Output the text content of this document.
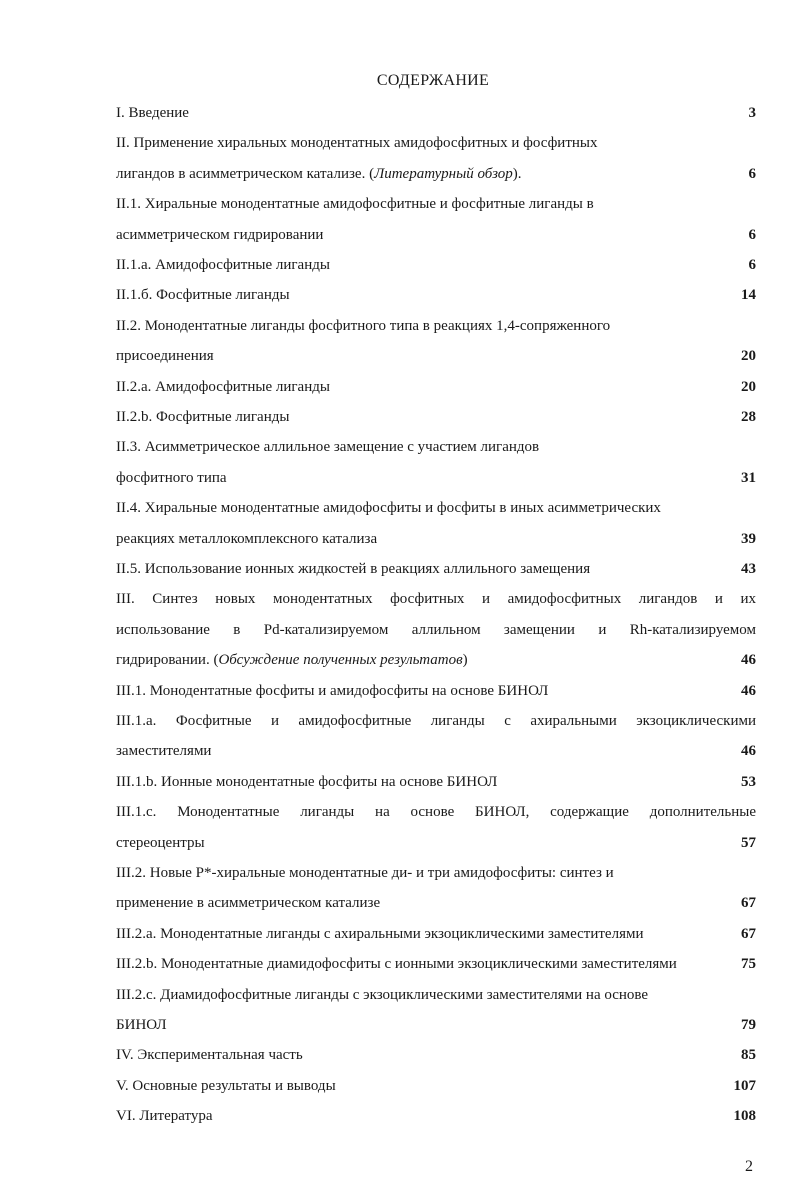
СОДЕРЖАНИЕ
I. Введение	3
II. Применение хиральных монодентатных амидофосфитных и фосфитных
лигандов в асимметрическом катализе. (Литературный обзор).	6
II.1. Хиральные монодентатные амидофосфитные и фосфитные лиганды в
асимметрическом гидрировании	6
II.1.а. Амидофосфитные лиганды	6
II.1.б. Фосфитные лиганды	14
II.2. Монодентатные лиганды фосфитного типа в реакциях 1,4-сопряженного
присоединения	20
II.2.a. Амидофосфитные лиганды	20
II.2.b. Фосфитные лиганды	28
II.3. Асимметрическое аллильное замещение с участием лигандов
фосфитного типа	31
II.4. Хиральные монодентатные амидофосфиты и фосфиты в иных асимметрических
реакциях металлокомплексного катализа	39
II.5. Использование ионных жидкостей в реакциях аллильного замещения	43
III. Синтез новых монодентатных фосфитных и амидофосфитных лигандов и их
использование в Pd-катализируемом аллильном замещении и Rh-катализируемом
гидрировании. (Обсуждение полученных результатов)	46
III.1. Монодентатные фосфиты и амидофосфиты на основе БИНОЛ	46
III.1.a. Фосфитные и амидофосфитные лиганды с ахиральными экзоциклическими
заместителями	46
III.1.b. Ионные монодентатные фосфиты на основе БИНОЛ	53
III.1.c. Монодентатные лиганды на основе БИНОЛ, содержащие дополнительные
стереоцентры	57
III.2. Новые Р*-хиральные монодентатные ди- и три амидофосфиты: синтез и
применение в асимметрическом катализе	67
III.2.a. Монодентатные лиганды с ахиральными экзоциклическими заместителями	67
III.2.b. Монодентатные диамидофосфиты с ионными экзоциклическими заместителями	75
III.2.c. Диамидофосфитные лиганды с экзоциклическими заместителями на основе
БИНОЛ	79
IV. Экспериментальная часть	85
V. Основные результаты и выводы	107
VI. Литература	108
2
